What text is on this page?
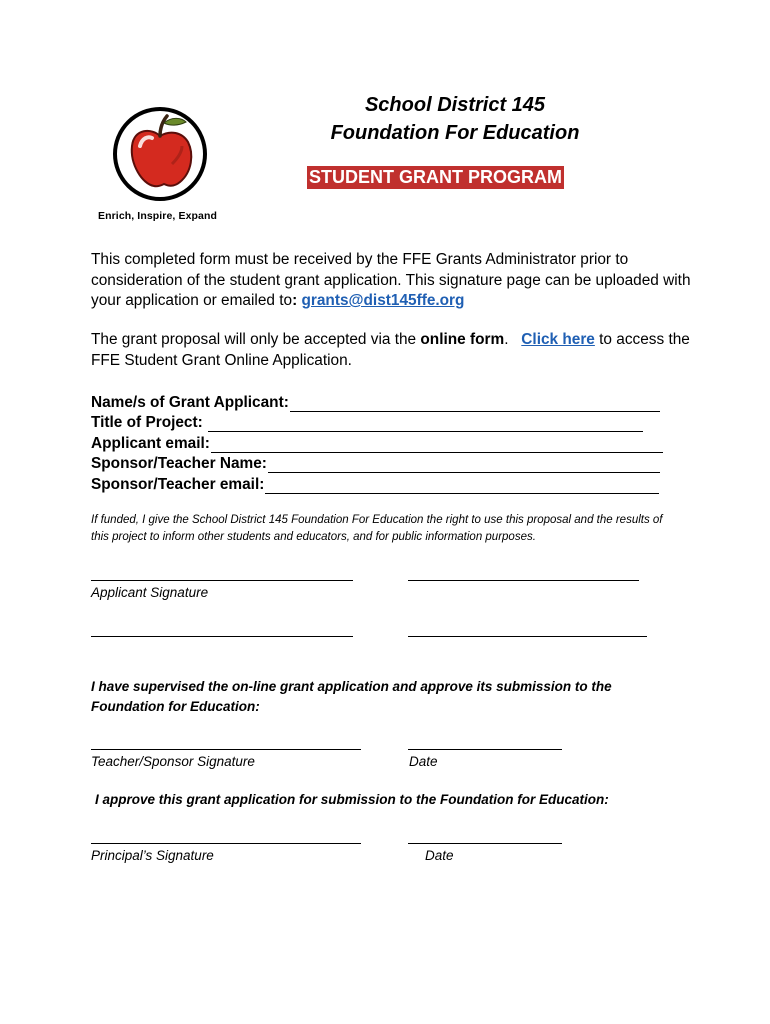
Enrich, Inspire, Expand
School District 145
Foundation For Education
STUDENT GRANT PROGRAM
This completed form must be received by the FFE Grants Administrator prior to consideration of the student grant application. This signature page can be uploaded with your application or emailed to: grants@dist145ffe.org
The grant proposal will only be accepted via the online form.   Click here to access the FFE Student Grant Online Application.
Name/s of Grant Applicant:
Title of Project:
Applicant email:
Sponsor/Teacher Name:
Sponsor/Teacher email:
If funded, I give the School District 145 Foundation For Education the right to use this proposal and the results of this project to inform other students and educators, and for public information purposes.
Applicant Signature
I have supervised the on-line grant application and approve its submission to the Foundation for Education:
Teacher/Sponsor Signature	Date
I approve this grant application for submission to the Foundation for Education:
Principal’s Signature	Date
